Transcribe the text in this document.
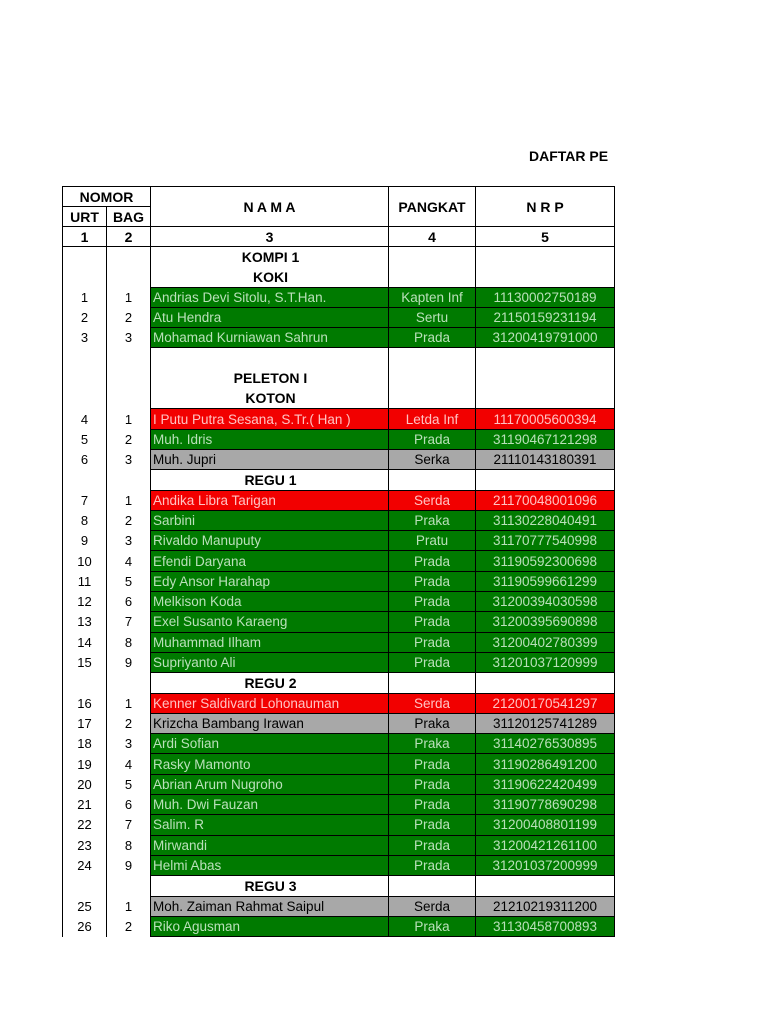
DAFTAR PE
NOMOR		N A M A	PANGKAT	N R P
URT	BAG			
1	2	3	4	5
		KOMPI 1		
		KOKI		
1	1	Andrias Devi Sitolu, S.T.Han.	Kapten Inf	11130002750189
2	2	Atu Hendra	Sertu	21150159231194
3	3	Mohamad Kurniawan Sahrun	Prada	31200419791000

		PELETON I		
		KOTON		
4	1	I Putu Putra Sesana, S.Tr.( Han )	Letda Inf	11170005600394
5	2	Muh. Idris	Prada	31190467121298
6	3	Muh. Jupri	Serka	21110143180391
		REGU 1		
7	1	Andika Libra Tarigan	Serda	21170048001096
8	2	Sarbini	Praka	31130228040491
9	3	Rivaldo Manuputy	Pratu	31170777540998
10	4	Efendi Daryana	Prada	31190592300698
11	5	Edy Ansor Harahap	Prada	31190599661299
12	6	Melkison Koda	Prada	31200394030598
13	7	Exel Susanto Karaeng	Prada	31200395690898
14	8	Muhammad Ilham	Prada	31200402780399
15	9	Supriyanto Ali	Prada	31201037120999
		REGU 2		
16	1	Kenner Saldivard Lohonauman	Serda	21200170541297
17	2	Krizcha Bambang Irawan	Praka	31120125741289
18	3	Ardi Sofian	Praka	31140276530895
19	4	Rasky Mamonto	Prada	31190286491200
20	5	Abrian Arum Nugroho	Prada	31190622420499
21	6	Muh. Dwi Fauzan	Prada	31190778690298
22	7	Salim. R	Prada	31200408801199
23	8	Mirwandi	Prada	31200421261100
24	9	Helmi Abas	Prada	31201037200999
		REGU 3		
25	1	Moh. Zaiman Rahmat Saipul	Serda	21210219311200
26	2	Riko Agusman	Praka	31130458700893
